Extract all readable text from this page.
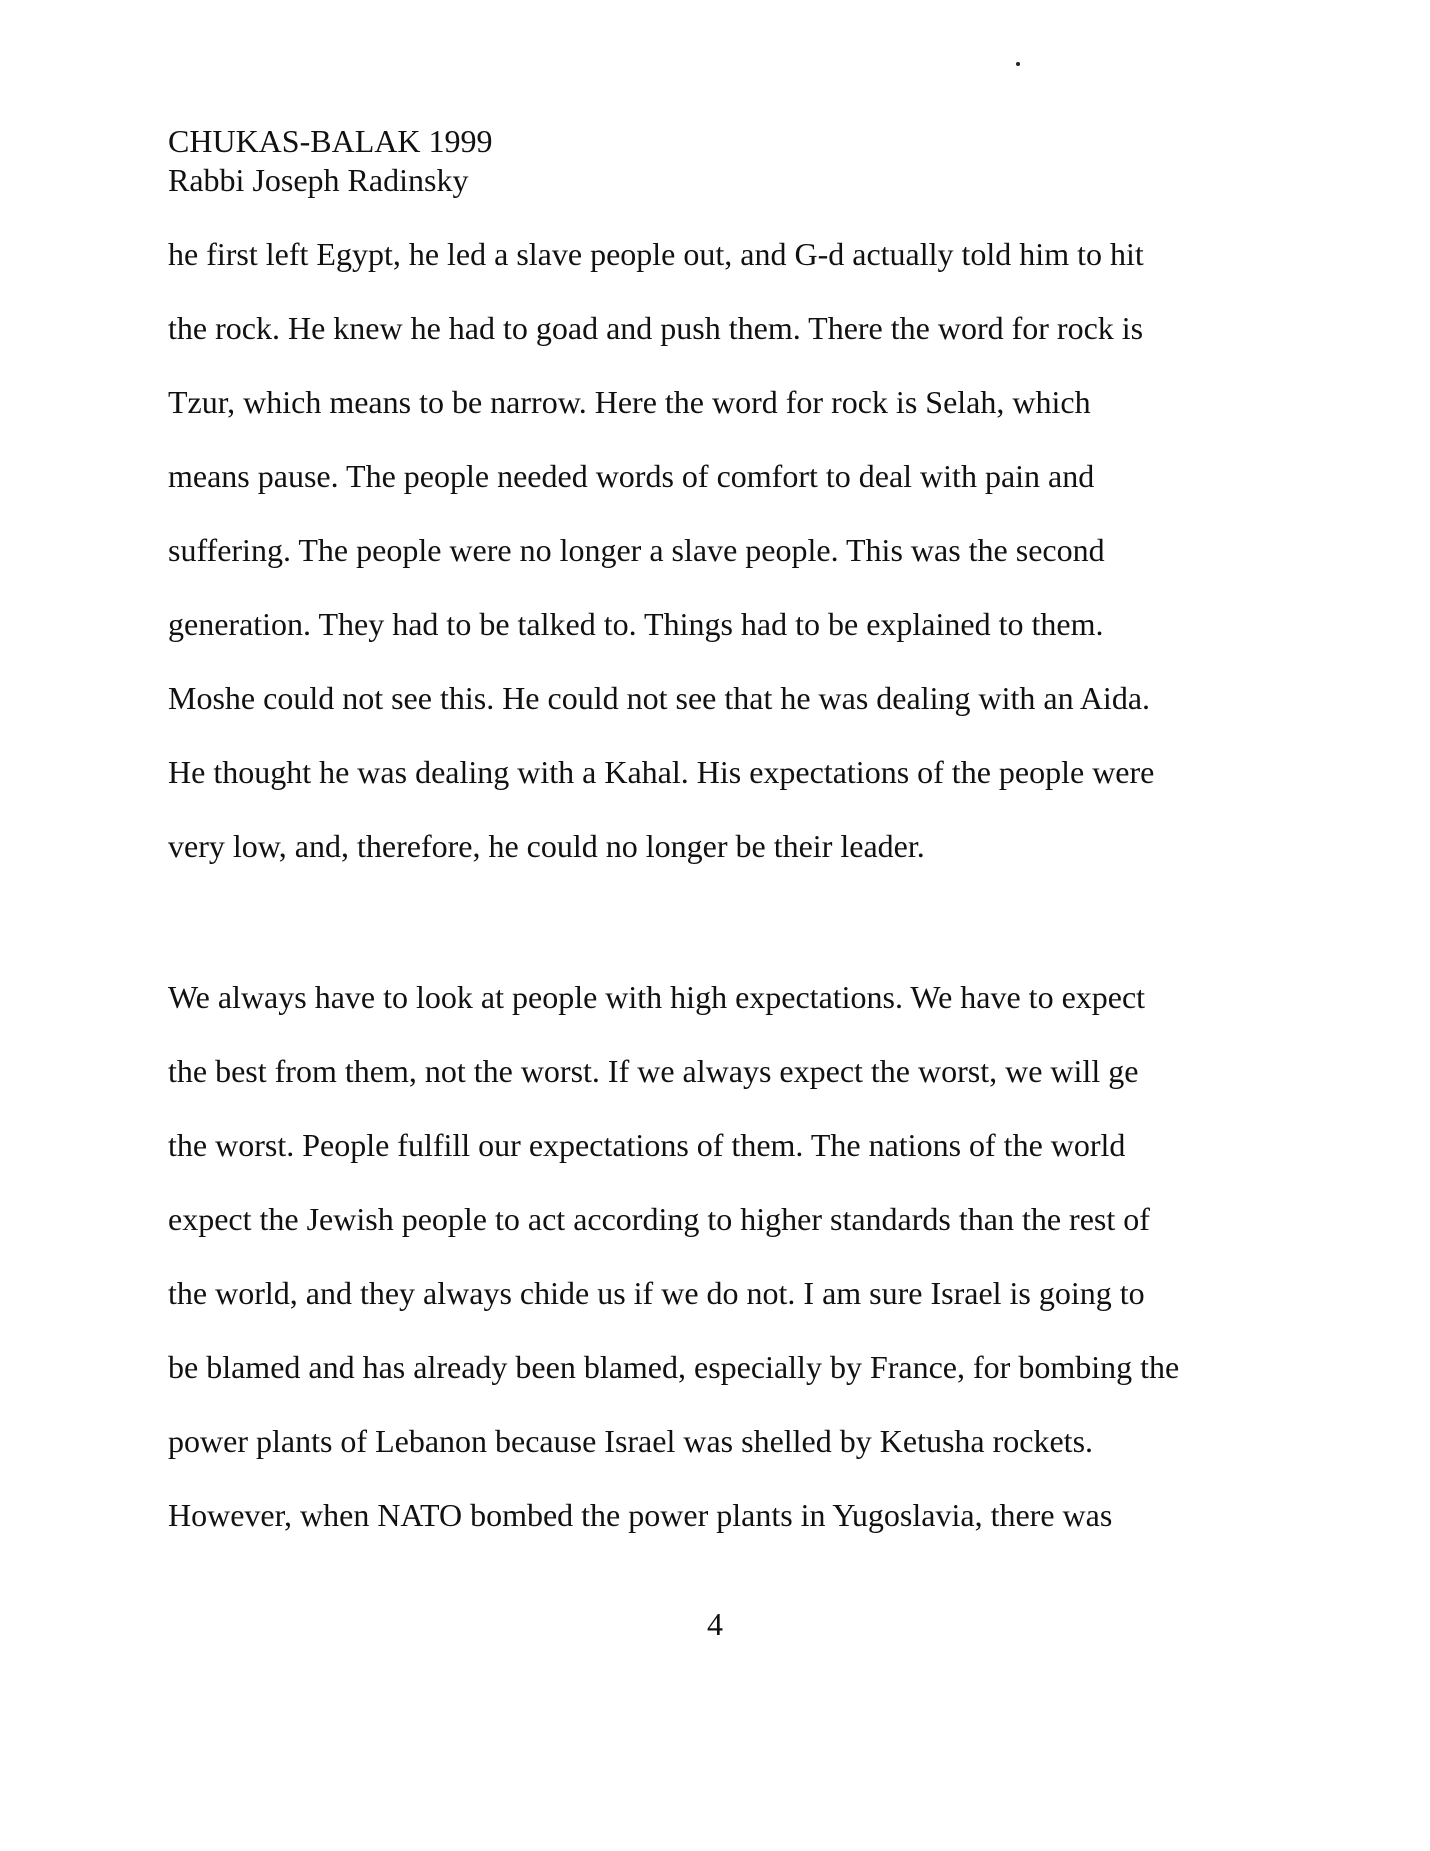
CHUKAS-BALAK 1999
Rabbi Joseph Radinsky
he first left Egypt, he led a slave people out, and G-d actually told him to hit
the rock. He knew he had to goad and push them. There the word for rock is
Tzur, which means to be narrow. Here the word for rock is Selah, which
means pause. The people needed words of comfort to deal with pain and
suffering. The people were no longer a slave people. This was the second
generation. They had to be talked to. Things had to be explained to them.
Moshe could not see this. He could not see that he was dealing with an Aida.
He thought he was dealing with a Kahal. His expectations of the people were
very low, and, therefore, he could no longer be their leader.
We always have to look at people with high expectations. We have to expect
the best from them, not the worst. If we always expect the worst, we will ge
the worst. People fulfill our expectations of them. The nations of the world
expect the Jewish people to act according to higher standards than the rest of
the world, and they always chide us if we do not. I am sure Israel is going to
be blamed and has already been blamed, especially by France, for bombing the
power plants of Lebanon because Israel was shelled by Ketusha rockets.
However, when NATO bombed the power plants in Yugoslavia, there was
4
